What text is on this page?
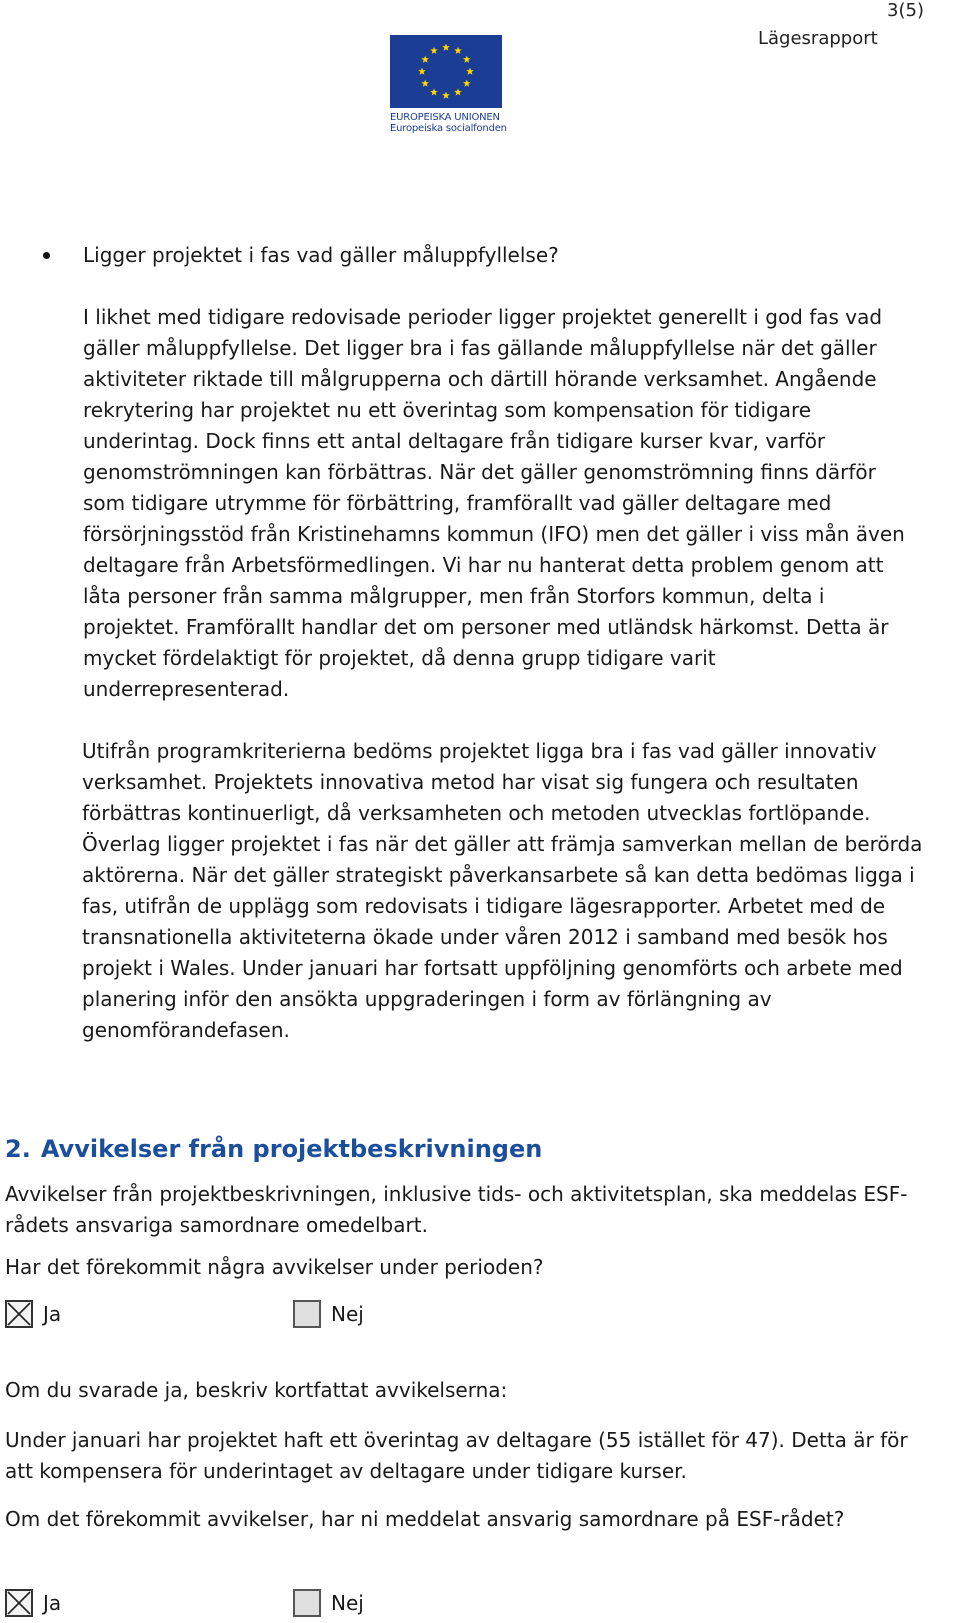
3(5)
Lägesrapport
EUROPEISKA UNIONEN
Europeiska socialfonden
Ligger projektet i fas vad gäller måluppfyllelse?
I likhet med tidigare redovisade perioder ligger projektet generellt i god fas vad gäller måluppfyllelse. Det ligger bra i fas gällande måluppfyllelse när det gäller aktiviteter riktade till målgrupperna och därtill hörande verksamhet. Angående rekrytering har projektet nu ett överintag som kompensation för tidigare underintag. Dock finns ett antal deltagare från tidigare kurser kvar, varför genomströmningen kan förbättras. När det gäller genomströmning finns därför som tidigare utrymme för förbättring, framförallt vad gäller deltagare med försörjningsstöd från Kristinehamns kommun (IFO) men det gäller i viss mån även deltagare från Arbetsförmedlingen. Vi har nu hanterat detta problem genom att låta personer från samma målgrupper, men från Storfors kommun, delta i projektet. Framförallt handlar det om personer med utländsk härkomst. Detta är mycket fördelaktigt för projektet, då denna grupp tidigare varit underrepresenterad.
Utifrån programkriterierna bedöms projektet ligga bra i fas vad gäller innovativ verksamhet. Projektets innovativa metod har visat sig fungera och resultaten förbättras kontinuerligt, då verksamheten och metoden utvecklas fortlöpande. Överlag ligger projektet i fas när det gäller att främja samverkan mellan de berörda aktörerna. När det gäller strategiskt påverkansarbete så kan detta bedömas ligga i fas, utifrån de upplägg som redovisats i tidigare lägesrapporter. Arbetet med de transnationella aktiviteterna ökade under våren 2012 i samband med besök hos projekt i Wales. Under januari har fortsatt uppföljning genomförts och arbete med planering inför den ansökta uppgraderingen i form av förlängning av genomförandefasen.
2. Avvikelser från projektbeskrivningen
Avvikelser från projektbeskrivningen, inklusive tids- och aktivitetsplan, ska meddelas ESF-rådets ansvariga samordnare omedelbart.
Har det förekommit några avvikelser under perioden?
Ja	Nej
Om du svarade ja, beskriv kortfattat avvikelserna:
Under januari har projektet haft ett överintag av deltagare (55 istället för 47). Detta är för att kompensera för underintaget av deltagare under tidigare kurser.
Om det förekommit avvikelser, har ni meddelat ansvarig samordnare på ESF-rådet?
Ja	Nej
